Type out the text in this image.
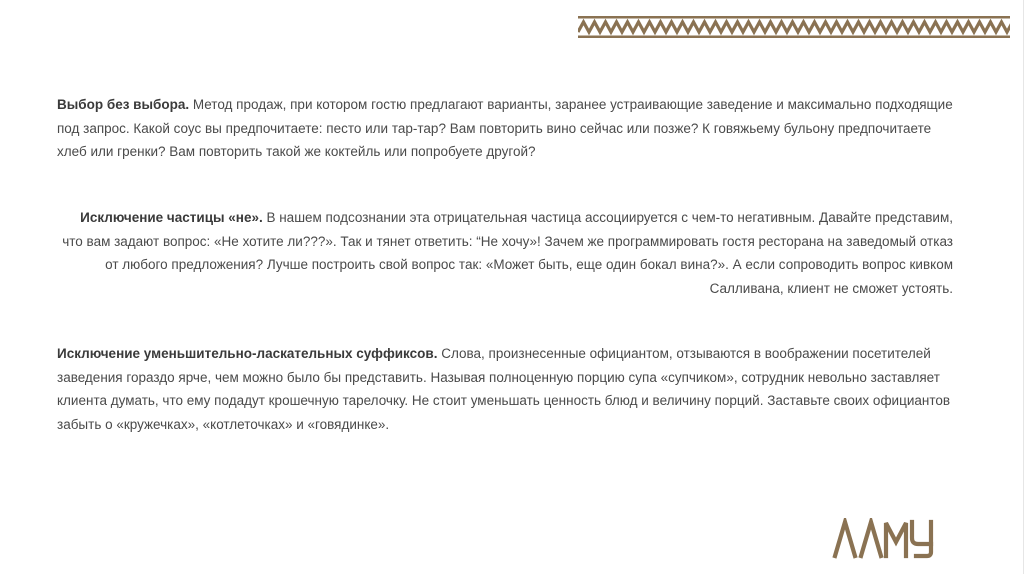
Выбор без выбора. Метод продаж, при котором гостю предлагают варианты, заранее устраивающие заведение и максимально подходящие под запрос. Какой соус вы предпочитаете: песто или тар-тар? Вам повторить вино сейчас или позже? К говяжьему бульону предпочитаете хлеб или гренки? Вам повторить такой же коктейль или попробуете другой?

Исключение частицы «не». В нашем подсознании эта отрицательная частица ассоциируется с чем-то негативным. Давайте представим, что вам задают вопрос: «Не хотите ли???». Так и тянет ответить: “Не хочу»! Зачем же программировать гостя ресторана на заведомый отказ от любого предложения? Лучше построить свой вопрос так: «Может быть, еще один бокал вина?». А если сопроводить вопрос кивком Салливана, клиент не сможет устоять.

Исключение уменьшительно-ласкательных суффиксов. Слова, произнесенные официантом, отзываются в воображении посетителей заведения гораздо ярче, чем можно было бы представить. Называя полноценную порцию супа «супчиком», сотрудник невольно заставляет клиента думать, что ему подадут крошечную тарелочку. Не стоит уменьшать ценность блюд и величину порций. Заставьте своих официантов забыть о «кружечках», «котлеточках» и «говядинке».
